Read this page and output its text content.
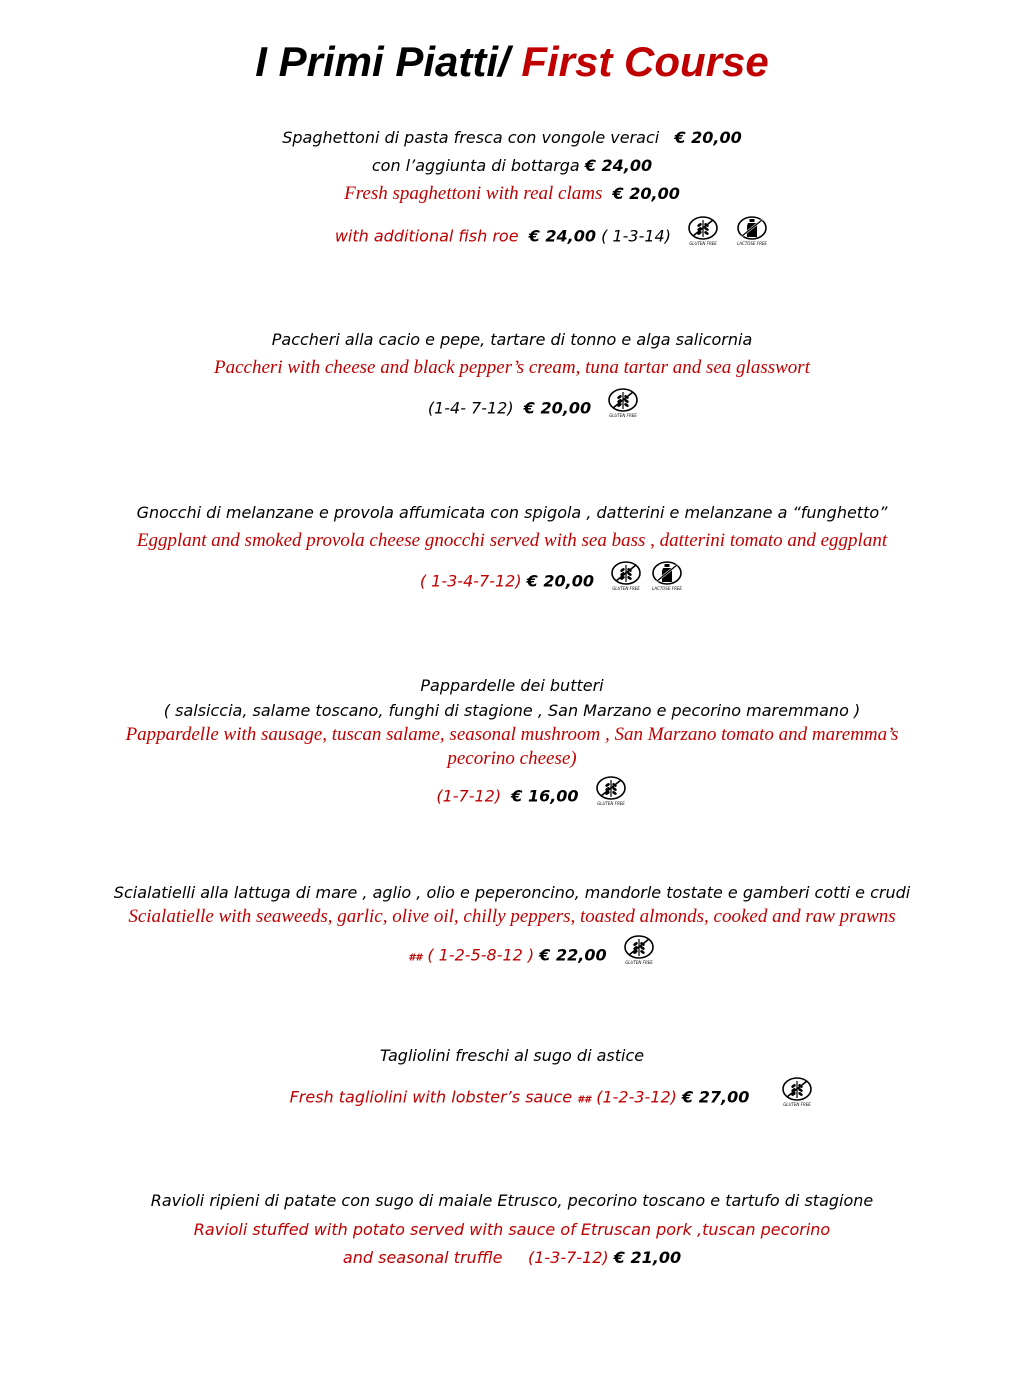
I Primi Piatti/ First Course
Spaghettoni di pasta fresca con vongole veraci € 20,00
con l’aggiunta di bottarga € 24,00
Fresh spaghettoni with real clams € 20,00
with additional fish roe € 24,00 ( 1-3-14)	GLUTEN FREE
	LACTOSE FREE
Paccheri alla cacio e pepe, tartare di tonno e alga salicornia
Paccheri with cheese and black pepper’s cream, tuna tartar and sea glasswort
(1-4- 7-12) € 20,00	GLUTEN FREE
Gnocchi di melanzane e provola affumicata con spigola , datterini e melanzane a “funghetto”
Eggplant and smoked provola cheese gnocchi served with sea bass , datterini tomato and eggplant
( 1-3-4-7-12) € 20,00	GLUTEN FREE
	LACTOSE FREE
Pappardelle dei butteri
( salsiccia, salame toscano, funghi di stagione , San Marzano e pecorino maremmano )
Pappardelle with sausage, tuscan salame, seasonal mushroom , San Marzano tomato and maremma’s
pecorino cheese)
(1-7-12) € 16,00	GLUTEN FREE
Scialatielli alla lattuga di mare , aglio , olio e peperoncino, mandorle tostate e gamberi cotti e crudi
Scialatielle with seaweeds, garlic, olive oil, chilly peppers, toasted almonds, cooked and raw prawns
## ( 1-2-5-8-12 ) € 22,00	GLUTEN FREE
Tagliolini freschi al sugo di astice
Fresh tagliolini with lobster’s sauce ## (1-2-3-12) € 27,00	GLUTEN FREE
Ravioli ripieni di patate con sugo di maiale Etrusco, pecorino toscano e tartufo di stagione
Ravioli stuffed with potato served with sauce of Etruscan pork ,tuscan pecorino
and seasonal truffle (1-3-7-12) € 21,00
